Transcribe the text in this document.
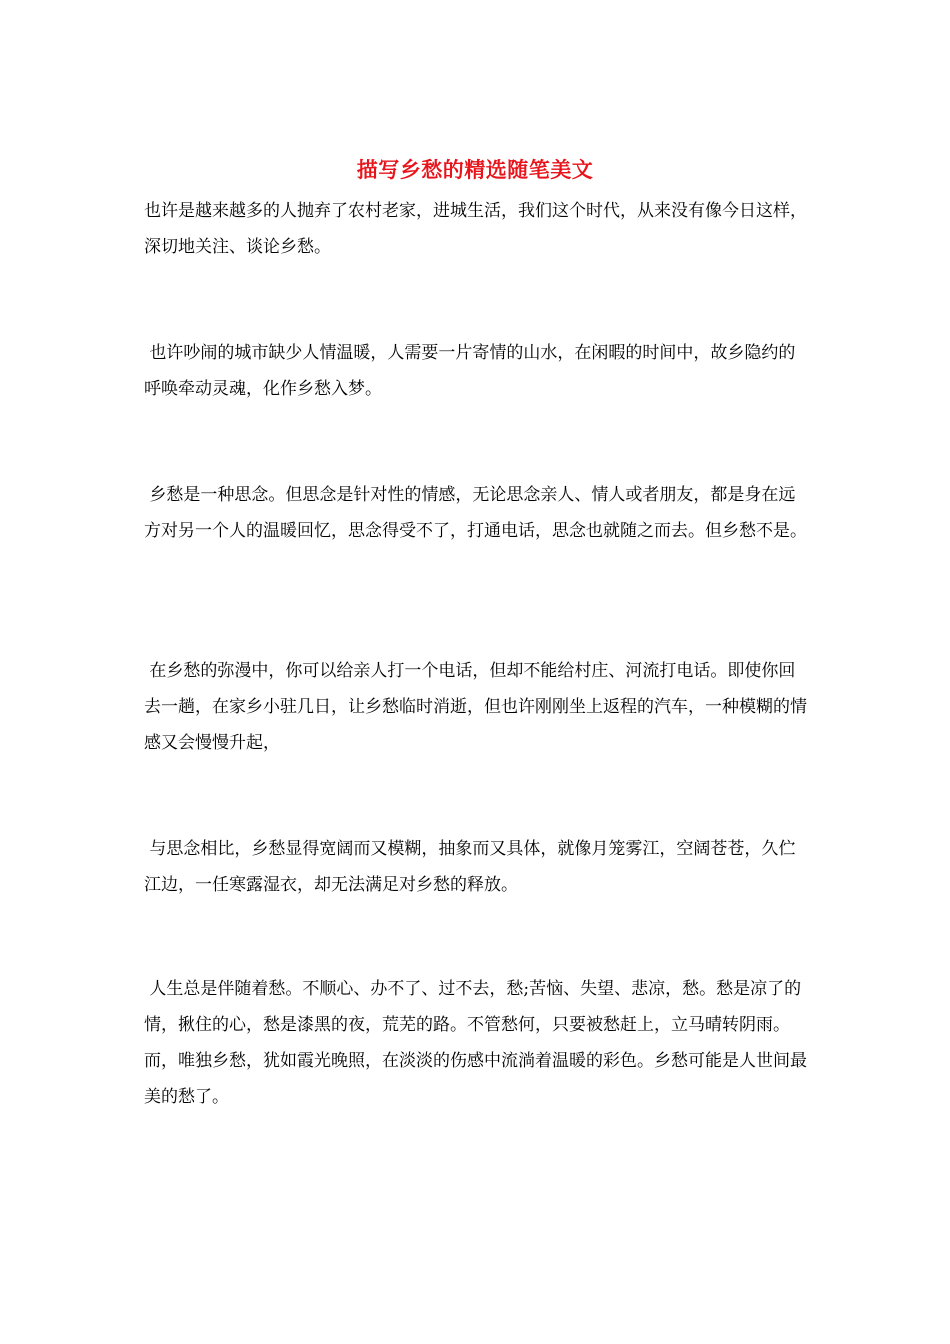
描写乡愁的精选随笔美文

也许是越来越多的人抛弃了农村老家，进城生活，我们这个时代，从来没有像今日这样，深切地关注、谈论乡愁。

也许吵闹的城市缺少人情温暖，人需要一片寄情的山水，在闲暇的时间中，故乡隐约的呼唤牵动灵魂，化作乡愁入梦。

乡愁是一种思念。但思念是针对性的情感，无论思念亲人、情人或者朋友，都是身在远方对另一个人的温暖回忆，思念得受不了，打通电话，思念也就随之而去。但乡愁不是。

在乡愁的弥漫中，你可以给亲人打一个电话，但却不能给村庄、河流打电话。即使你回去一趟，在家乡小驻几日，让乡愁临时消逝，但也许刚刚坐上返程的汽车，一种模糊的情感又会慢慢升起，

与思念相比，乡愁显得宽阔而又模糊，抽象而又具体，就像月笼雾江，空阔苍苍，久伫江边，一任寒露湿衣，却无法满足对乡愁的释放。

人生总是伴随着愁。不顺心、办不了、过不去，愁;苦恼、失望、悲凉，愁。愁是凉了的情，揪住的心，愁是漆黑的夜，荒芜的路。不管愁何，只要被愁赶上，立马晴转阴雨。而，唯独乡愁，犹如霞光晚照，在淡淡的伤感中流淌着温暖的彩色。乡愁可能是人世间最美的愁了。
